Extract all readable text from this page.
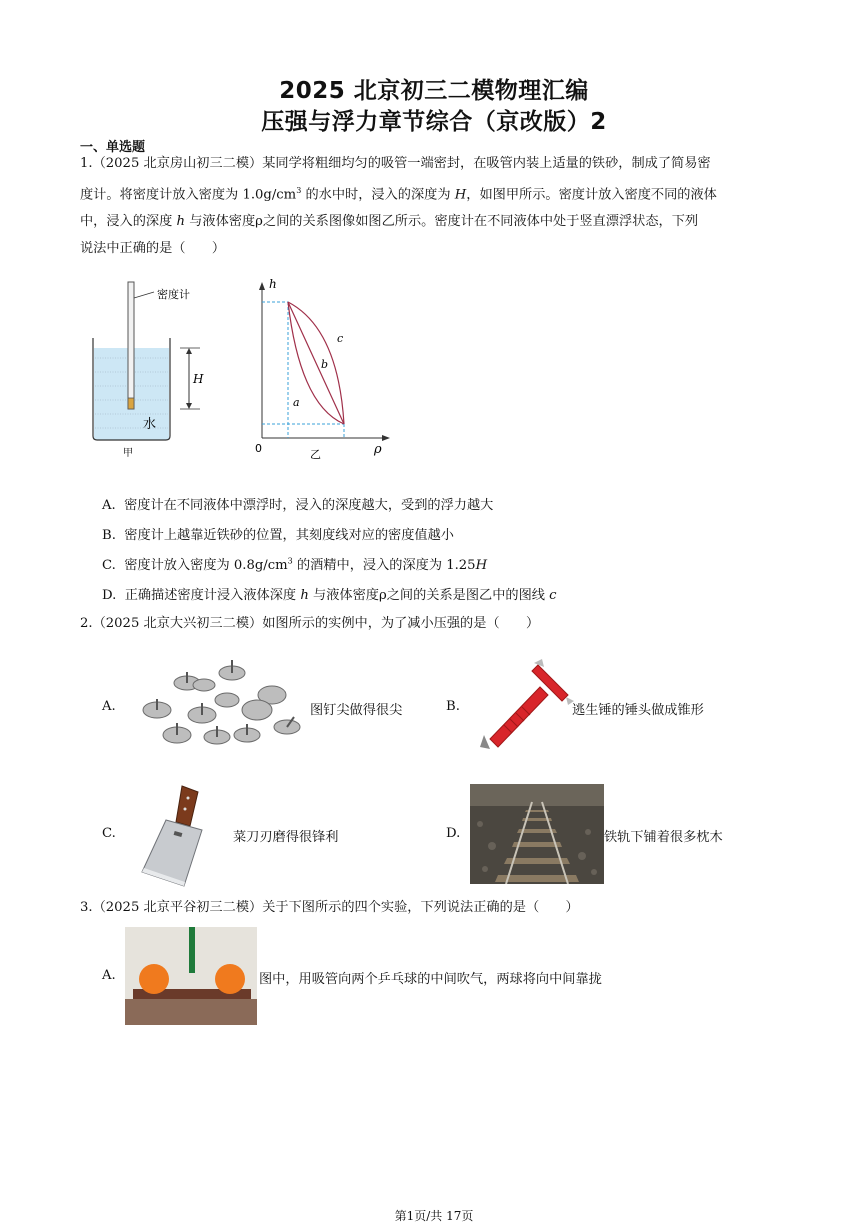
2025 北京初三二模物理汇编
压强与浮力章节综合（京改版）2
一、单选题
1.（2025 北京房山初三二模）某同学将粗细均匀的吸管一端密封，在吸管内装上适量的铁砂，制成了简易密
度计。将密度计放入密度为 $1.0g/cm^3$ 的水中时，浸入的深度为 H，如图甲所示。密度计放入密度不同的液体
中，浸入的深度 h 与液体密度ρ之间的关系图像如图乙所示。密度计在不同液体中处于竖直漂浮状态，下列
说法中正确的是（　　）
密度计
H
水
甲
h
ρ
0
a
b
c
乙
A. 密度计在不同液体中漂浮时，浸入的深度越大，受到的浮力越大
B. 密度计上越靠近铁砂的位置，其刻度线对应的密度值越小
C. 密度计放入密度为 $0.8g/cm^3$ 的酒精中，浸入的深度为 1.25H
D. 正确描述密度计浸入液体深度 h 与液体密度ρ之间的关系是图乙中的图线 c
2.（2025 北京大兴初三二模）如图所示的实例中，为了减小压强的是（　　）
A.	图钉尖做得很尖	B.	逃生锤的锤头做成锥形
C.	菜刀刃磨得很锋利	D.	铁轨下铺着很多枕木
3.（2025 北京平谷初三二模）关于下图所示的四个实验，下列说法正确的是（　　）
A.	图中，用吸管向两个乒乓球的中间吹气，两球将向中间靠拢
第1页/共 17页
